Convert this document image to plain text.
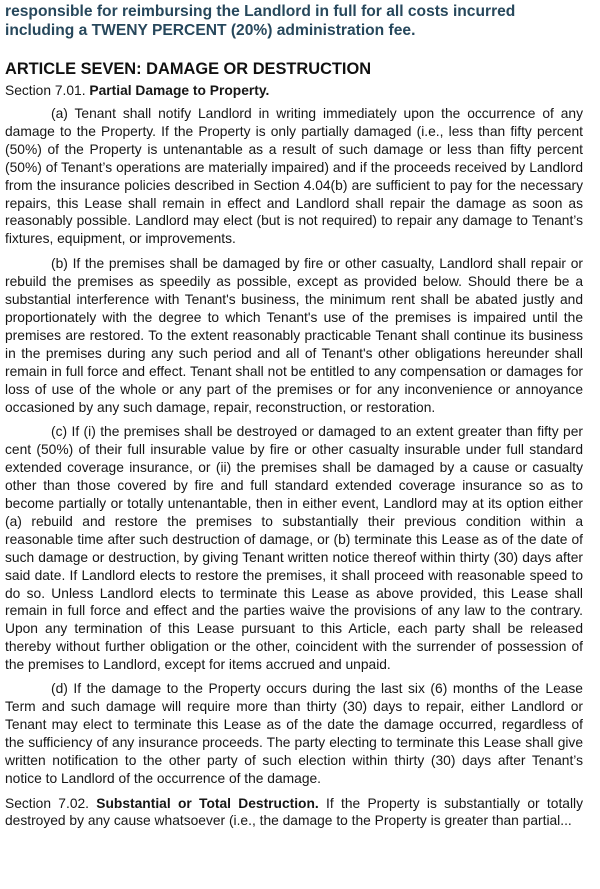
responsible for reimbursing the Landlord in full for all costs incurred including a TWENY PERCENT (20%) administration fee.

ARTICLE SEVEN: DAMAGE OR DESTRUCTION

Section 7.01. Partial Damage to Property.

(a) Tenant shall notify Landlord in writing immediately upon the occurrence of any damage to the Property. If the Property is only partially damaged (i.e., less than fifty percent (50%) of the Property is untenantable as a result of such damage or less than fifty percent (50%) of Tenant’s operations are materially impaired) and if the proceeds received by Landlord from the insurance policies described in Section 4.04(b) are sufficient to pay for the necessary repairs, this Lease shall remain in effect and Landlord shall repair the damage as soon as reasonably possible. Landlord may elect (but is not required) to repair any damage to Tenant’s fixtures, equipment, or improvements.

(b) If the premises shall be damaged by fire or other casualty, Landlord shall repair or rebuild the premises as speedily as possible, except as provided below. Should there be a substantial interference with Tenant's business, the minimum rent shall be abated justly and proportionately with the degree to which Tenant's use of the premises is impaired until the premises are restored. To the extent reasonably practicable Tenant shall continue its business in the premises during any such period and all of Tenant's other obligations hereunder shall remain in full force and effect. Tenant shall not be entitled to any compensation or damages for loss of use of the whole or any part of the premises or for any inconvenience or annoyance occasioned by any such damage, repair, reconstruction, or restoration.

(c) If (i) the premises shall be destroyed or damaged to an extent greater than fifty per cent (50%) of their full insurable value by fire or other casualty insurable under full standard extended coverage insurance, or (ii) the premises shall be damaged by a cause or casualty other than those covered by fire and full standard extended coverage insurance so as to become partially or totally untenantable, then in either event, Landlord may at its option either (a) rebuild and restore the premises to substantially their previous condition within a reasonable time after such destruction of damage, or (b) terminate this Lease as of the date of such damage or destruction, by giving Tenant written notice thereof within thirty (30) days after said date. If Landlord elects to restore the premises, it shall proceed with reasonable speed to do so. Unless Landlord elects to terminate this Lease as above provided, this Lease shall remain in full force and effect and the parties waive the provisions of any law to the contrary. Upon any termination of this Lease pursuant to this Article, each party shall be released thereby without further obligation or the other, coincident with the surrender of possession of the premises to Landlord, except for items accrued and unpaid.

(d) If the damage to the Property occurs during the last six (6) months of the Lease Term and such damage will require more than thirty (30) days to repair, either Landlord or Tenant may elect to terminate this Lease as of the date the damage occurred, regardless of the sufficiency of any insurance proceeds. The party electing to terminate this Lease shall give written notification to the other party of such election within thirty (30) days after Tenant’s notice to Landlord of the occurrence of the damage.

Section 7.02. Substantial or Total Destruction. If the Property is substantially or totally destroyed by any cause whatsoever (i.e., the damage to the Property is greater than partial...
